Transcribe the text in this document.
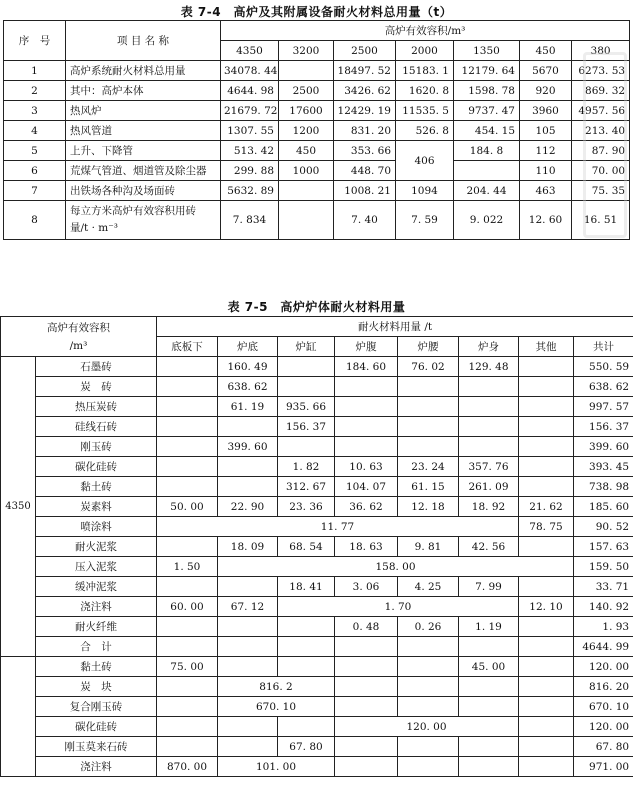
表 7-4　高炉及其附属设备耐火材料总用量（t）
序　号	项 目 名 称	高炉有效容积/m³						
		4350	3200	2500	2000	1350	450	380
1	高炉系统耐火材料总用量	34078. 44		18497. 52	15183. 1	12179. 64	5670	6273. 53
2	其中：高炉本体	4644. 98	2500	3426. 62	1620. 8	1598. 78	920	869. 32
3	热风炉	21679. 72	17600	12429. 19	11535. 5	9737. 47	3960	4957. 56
4	热风管道	1307. 55	1200	831. 20	526. 8	454. 15	105	213. 40
5	上升、下降管	513. 42	450	353. 66	406	184. 8	112	87. 90
6	荒煤气管道、烟道管及除尘器	299. 88	1000	448. 70			110	70. 00
7	出铁场各种沟及场面砖	5632. 89		1008. 21	1094	204. 44	463	75. 35
8	每立方米高炉有效容积用砖
量/t · m⁻³	7. 834		7. 40	7. 59	9. 022	12. 60	16. 51
表 7-5　高炉炉体耐火材料用量
高炉有效容积
/m³		耐火材料用量 /t							
		底板下	炉底	炉缸	炉腹	炉腰	炉身	其他	共计
4350	石墨砖		160. 49		184. 60	76. 02	129. 48		550. 59
	炭　砖		638. 62						638. 62
	热压炭砖		61. 19	935. 66					997. 57
	硅线石砖			156. 37					156. 37
	刚玉砖		399. 60						399. 60
	碳化硅砖			1. 82	10. 63	23. 24	357. 76		393. 45
	黏土砖			312. 67	104. 07	61. 15	261. 09		738. 98
	炭素料	50. 00	22. 90	23. 36	36. 62	12. 18	18. 92	21. 62	185. 60
	喷涂料	11. 77						78. 75	90. 52
	耐火泥浆		18. 09	68. 54	18. 63	9. 81	42. 56		157. 63
	压入泥浆	1. 50	158. 00						159. 50
	缓冲泥浆			18. 41	3. 06	4. 25	7. 99		33. 71
	浇注料	60. 00	67. 12	1. 70				12. 10	140. 92
	耐火纤维				0. 48	0. 26	1. 19		1. 93
	合　计								4644. 99
	黏土砖	75. 00					45. 00		120. 00
	炭　块		816. 2						816. 20
	复合刚玉砖		670. 10						670. 10
	碳化硅砖				120. 00				120. 00
	刚玉莫来石砖			67. 80					67. 80
	浇注料	870. 00	101. 00						971. 00
